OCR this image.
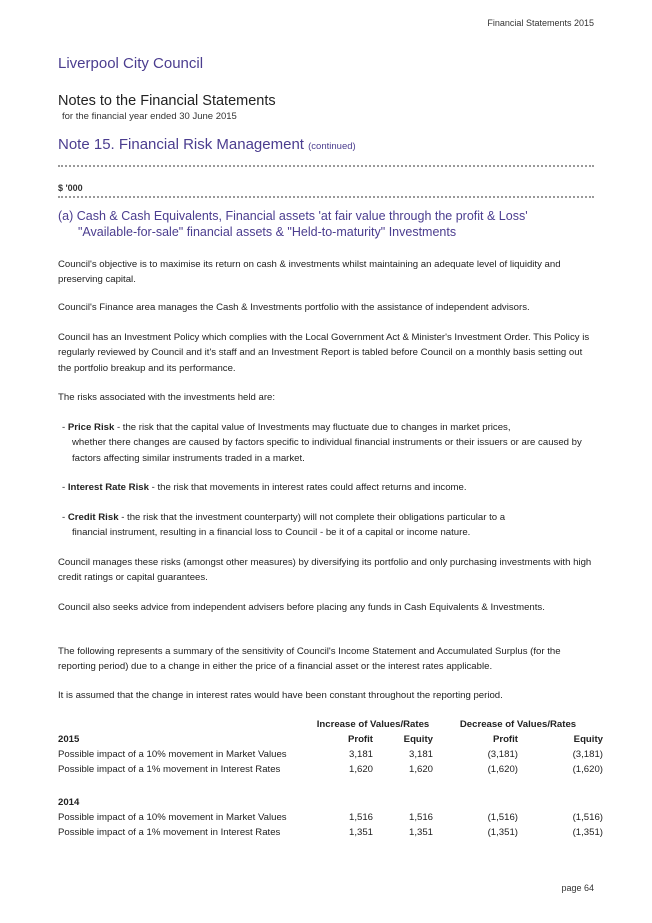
Financial Statements 2015
Liverpool City Council
Notes to the Financial Statements
for the financial year ended 30 June 2015
Note 15. Financial Risk Management (continued)
$ '000
(a) Cash & Cash Equivalents, Financial assets 'at fair value through the profit & Loss'
"Available-for-sale" financial assets & "Held-to-maturity" Investments
Council's objective is to maximise its return on cash & investments whilst maintaining an adequate level of liquidity and preserving capital.
Council's Finance area manages the Cash & Investments portfolio with the assistance of independent advisors.
Council has an Investment Policy which complies with the Local Government Act & Minister's Investment Order. This Policy is regularly reviewed by Council and it's staff and an Investment Report is tabled before Council on a monthly basis setting out the portfolio breakup and its performance.
The risks associated with the investments held are:
- Price Risk - the risk that the capital value of Investments may fluctuate due to changes in market prices,
whether there changes are caused by factors specific to individual financial instruments or their issuers or are caused by factors affecting similar instruments traded in a market.
- Interest Rate Risk - the risk that movements in interest rates could affect returns and income.
- Credit Risk - the risk that the investment counterparty) will not complete their obligations particular to a
financial instrument, resulting in a financial loss to Council - be it of a capital or income nature.
Council manages these risks (amongst other measures) by diversifying its portfolio and only purchasing investments with high credit ratings or capital guarantees.
Council also seeks advice from independent advisers before placing any funds in Cash Equivalents & Investments.
The following represents a summary of the sensitivity of Council's Income Statement and Accumulated Surplus (for the reporting period) due to a change in either the price of a financial asset or the interest rates applicable.
It is assumed that the change in interest rates would have been constant throughout the reporting period.
	Increase of Values/Rates		Decrease of Values/Rates	
2015	Profit	Equity	Profit	Equity
Possible impact of a 10% movement in Market Values	3,181	3,181	(3,181)	(3,181)
Possible impact of a 1% movement in Interest Rates	1,620	1,620	(1,620)	(1,620)

2014				
Possible impact of a 10% movement in Market Values	1,516	1,516	(1,516)	(1,516)
Possible impact of a 1% movement in Interest Rates	1,351	1,351	(1,351)	(1,351)
page 64
